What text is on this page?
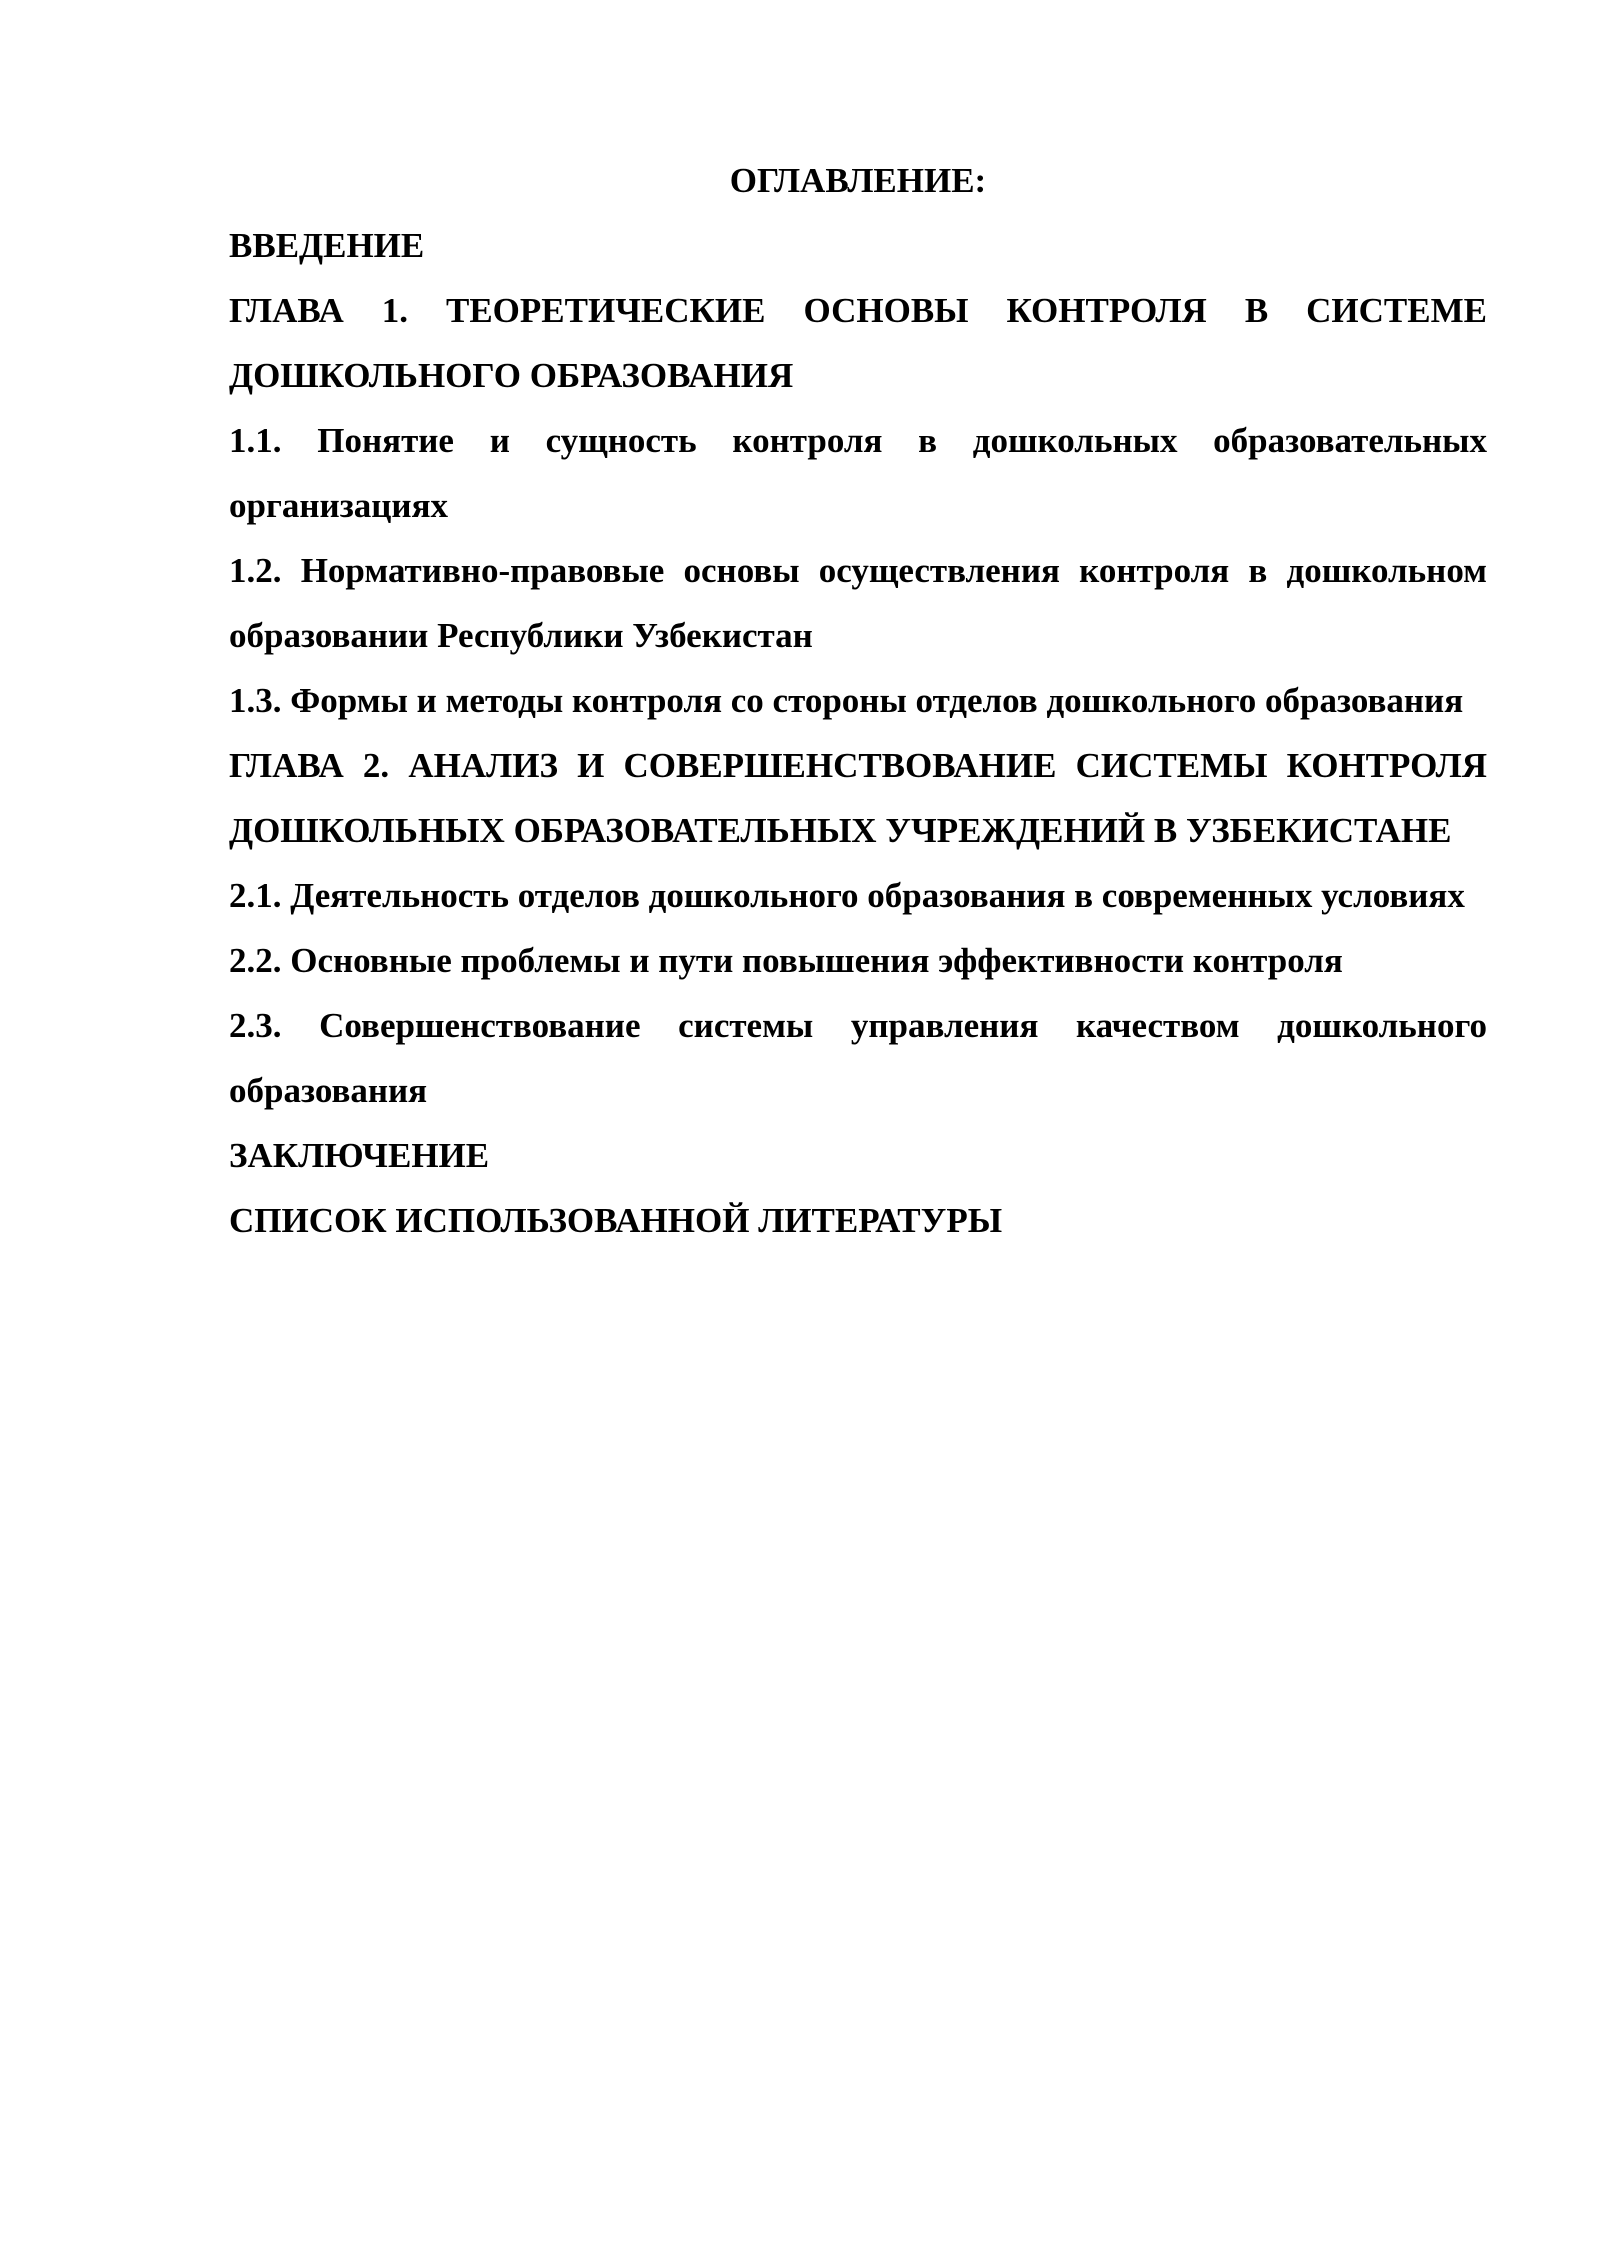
ОГЛАВЛЕНИЕ:

ВВЕДЕНИЕ

ГЛАВА 1. ТЕОРЕТИЧЕСКИЕ ОСНОВЫ КОНТРОЛЯ В СИСТЕМЕ ДОШКОЛЬНОГО ОБРАЗОВАНИЯ

1.1. Понятие и сущность контроля в дошкольных образовательных организациях

1.2. Нормативно-правовые основы осуществления контроля в дошкольном образовании Республики Узбекистан

1.3. Формы и методы контроля со стороны отделов дошкольного образования

ГЛАВА 2. АНАЛИЗ И СОВЕРШЕНСТВОВАНИЕ СИСТЕМЫ КОНТРОЛЯ ДОШКОЛЬНЫХ ОБРАЗОВАТЕЛЬНЫХ УЧРЕЖДЕНИЙ В УЗБЕКИСТАНЕ

2.1. Деятельность отделов дошкольного образования в современных условиях

2.2. Основные проблемы и пути повышения эффективности контроля

2.3. Совершенствование системы управления качеством дошкольного образования

ЗАКЛЮЧЕНИЕ

СПИСОК ИСПОЛЬЗОВАННОЙ ЛИТЕРАТУРЫ
